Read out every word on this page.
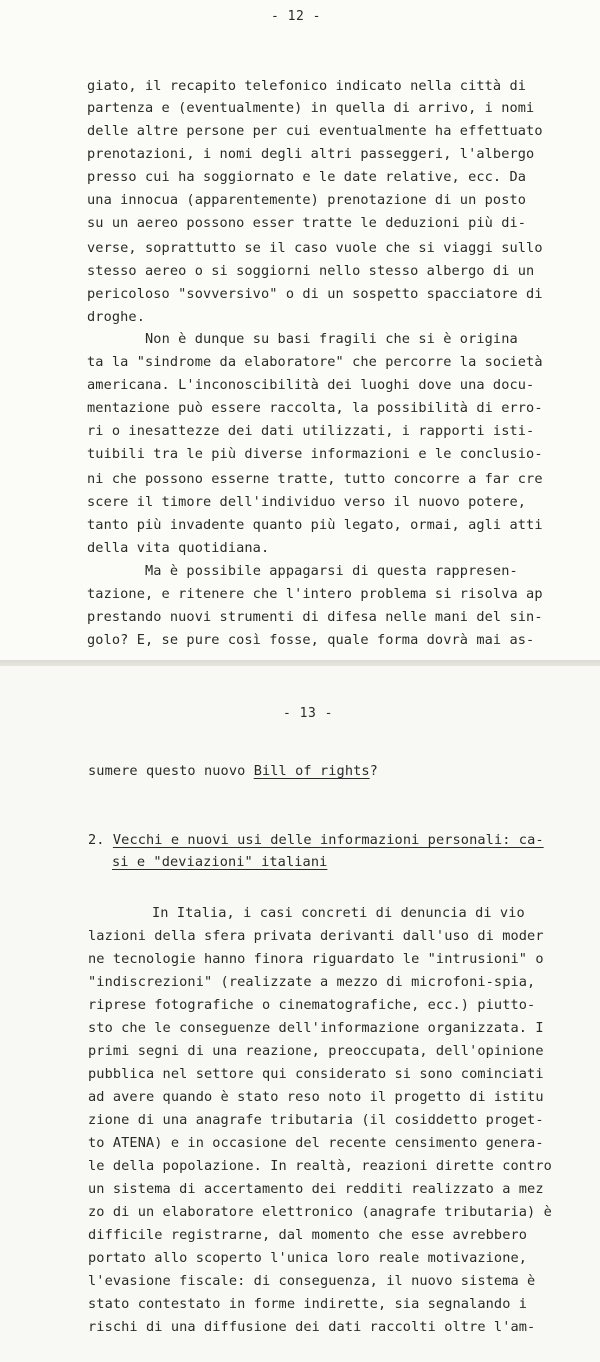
- 12 -
giato, il recapito telefonico indicato nella città di
partenza e (eventualmente) in quella di arrivo, i nomi
delle altre persone per cui eventualmente ha effettuato
prenotazioni, i nomi degli altri passeggeri, l'albergo
presso cui ha soggiornato e le date relative, ecc. Da
una innocua (apparentemente) prenotazione di un posto
su un aereo possono esser tratte le deduzioni più di-
verse, soprattutto se il caso vuole che si viaggi sullo
stesso aereo o si soggiorni nello stesso albergo di un
pericoloso "sovversivo" o di un sospetto spacciatore di
droghe.
Non è dunque su basi fragili che si è origina
ta la "sindrome da elaboratore" che percorre la società
americana. L'inconoscibilità dei luoghi dove una docu-
mentazione può essere raccolta, la possibilità di erro-
ri o inesattezze dei dati utilizzati, i rapporti isti-
tuibili tra le più diverse informazioni e le conclusio-
ni che possono esserne tratte, tutto concorre a far cre
scere il timore dell'individuo verso il nuovo potere,
tanto più invadente quanto più legato, ormai, agli atti
della vita quotidiana.
Ma è possibile appagarsi di questa rappresen-
tazione, e ritenere che l'intero problema si risolva ap
prestando nuovi strumenti di difesa nelle mani del sin-
golo? E, se pure così fosse, quale forma dovrà mai as-
- 13 -
sumere questo nuovo Bill of rights?
2. Vecchi e nuovi usi delle informazioni personali: ca-
si e "deviazioni" italiani
In Italia, i casi concreti di denuncia di vio
lazioni della sfera privata derivanti dall'uso di moder
ne tecnologie hanno finora riguardato le "intrusioni" o
"indiscrezioni" (realizzate a mezzo di microfoni-spia,
riprese fotografiche o cinematografiche, ecc.) piutto-
sto che le conseguenze dell'informazione organizzata. I
primi segni di una reazione, preoccupata, dell'opinione
pubblica nel settore qui considerato si sono cominciati
ad avere quando è stato reso noto il progetto di istitu
zione di una anagrafe tributaria (il cosiddetto proget-
to ATENA) e in occasione del recente censimento genera-
le della popolazione. In realtà, reazioni dirette contro
un sistema di accertamento dei redditi realizzato a mez
zo di un elaboratore elettronico (anagrafe tributaria) è
difficile registrarne, dal momento che esse avrebbero
portato allo scoperto l'unica loro reale motivazione,
l'evasione fiscale: di conseguenza, il nuovo sistema è
stato contestato in forme indirette, sia segnalando i
rischi di una diffusione dei dati raccolti oltre l'am-
